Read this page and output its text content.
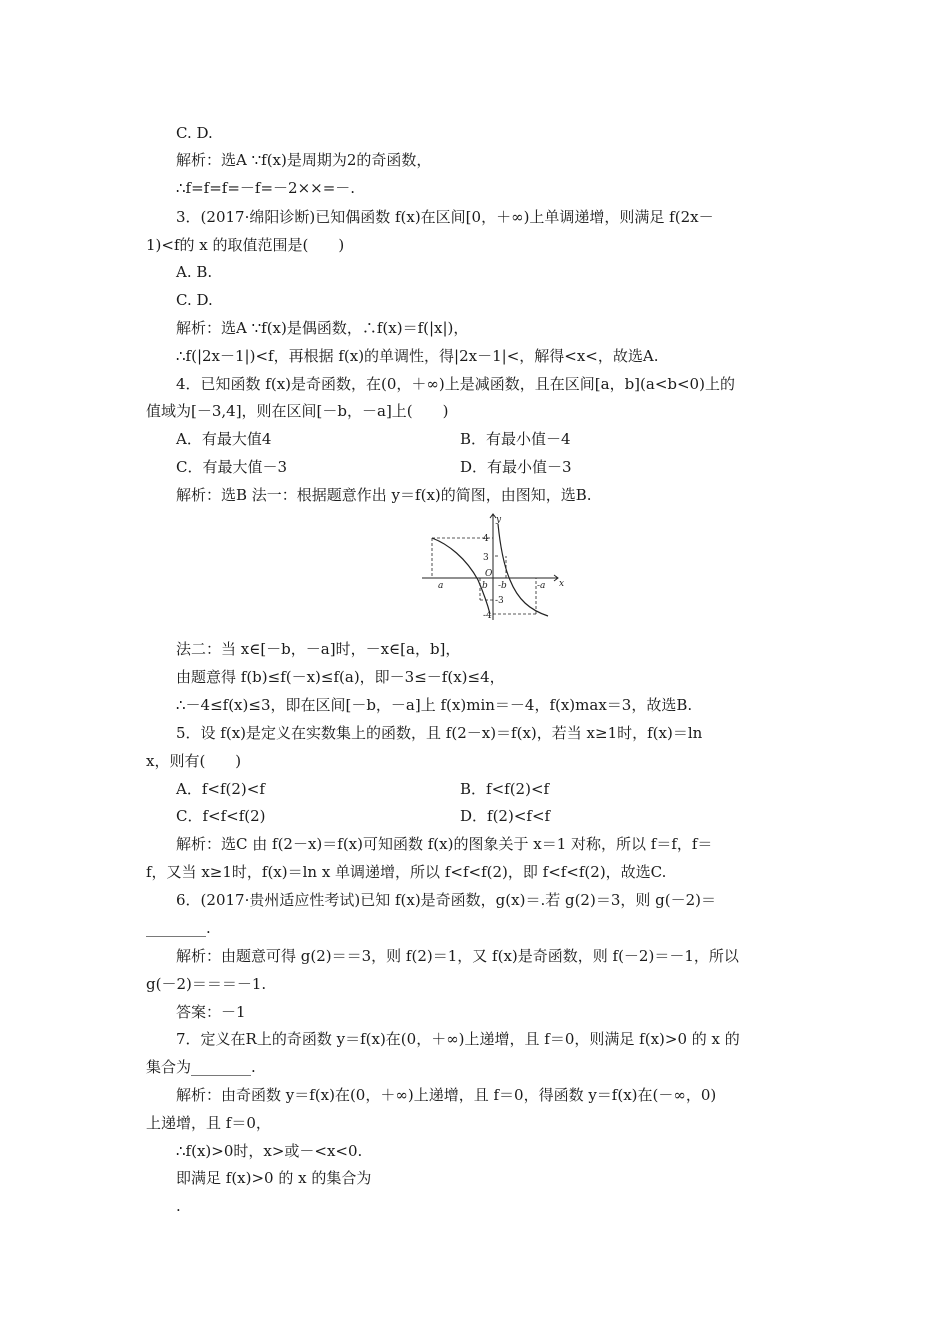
C. D.
解析：选A ∵f(x)是周期为2的奇函数，
∴f=f=f=－f=－2××=－.
3．(2017·绵阳诊断)已知偶函数 f(x)在区间[0，＋∞)上单调递增，则满足 f(2x－
1)<f的 x 的取值范围是(　　)
A. B.
C. D.
解析：选A ∵f(x)是偶函数，∴f(x)＝f(|x|)，
∴f(|2x－1|)<f，再根据 f(x)的单调性，得|2x－1|<，解得<x<，故选A.
4．已知函数 f(x)是奇函数，在(0，＋∞)上是减函数，且在区间[a，b](a<b<0)上的
值域为[－3,4]，则在区间[－b，－a]上(　　)
A．有最大值4	B．有最小值－4
C．有最大值－3	D．有最小值－3
解析：选B 法一：根据题意作出 y＝f(x)的简图，由图知，选B.
y
x
O
4
3
b -b	-a
a
-3
-4
法二：当 x∈[－b，－a]时，－x∈[a，b]，
由题意得 f(b)≤f(－x)≤f(a)，即－3≤－f(x)≤4，
∴－4≤f(x)≤3，即在区间[－b，－a]上 f(x)min＝－4，f(x)max＝3，故选B.
5．设 f(x)是定义在实数集上的函数，且 f(2－x)＝f(x)，若当 x≥1时，f(x)＝ln
x，则有(　　)
A．f<f(2)<f	B．f<f(2)<f
C．f<f<f(2)	D．f(2)<f<f
解析：选C 由 f(2－x)＝f(x)可知函数 f(x)的图象关于 x＝1 对称，所以 f＝f，f＝
f，又当 x≥1时，f(x)＝ln x 单调递增，所以 f<f<f(2)，即 f<f<f(2)，故选C.
6．(2017·贵州适应性考试)已知 f(x)是奇函数，g(x)＝.若 g(2)＝3，则 g(－2)＝
________.
解析：由题意可得 g(2)＝＝3，则 f(2)＝1，又 f(x)是奇函数，则 f(－2)＝－1，所以
g(－2)＝＝＝－1.
答案：－1
7．定义在R上的奇函数 y＝f(x)在(0，＋∞)上递增，且 f＝0，则满足 f(x)>0 的 x 的
集合为________.
解析：由奇函数 y＝f(x)在(0，＋∞)上递增，且 f＝0，得函数 y＝f(x)在(－∞，0)
上递增，且 f＝0，
∴f(x)>0时，x>或－<x<0.
即满足 f(x)>0 的 x 的集合为
.
